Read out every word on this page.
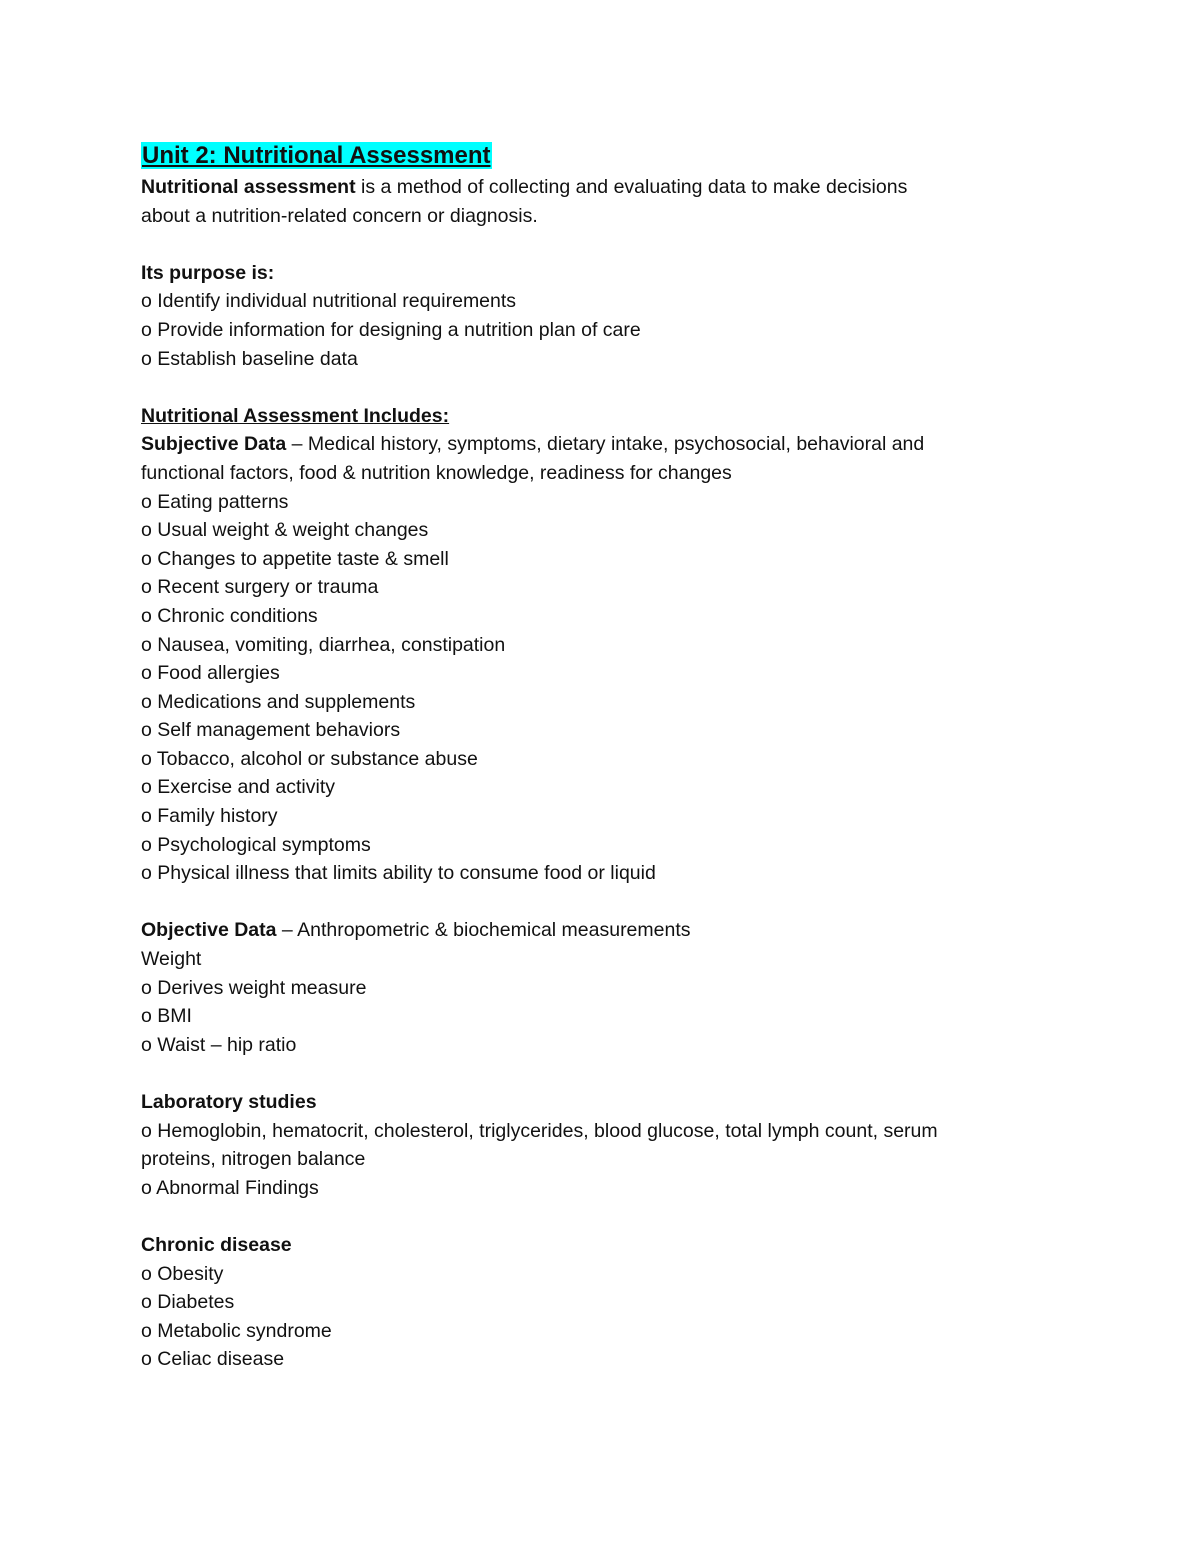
Unit 2: Nutritional Assessment
Nutritional assessment is a method of collecting and evaluating data to make decisions
about a nutrition-related concern or diagnosis.
Its purpose is:
o Identify individual nutritional requirements
o Provide information for designing a nutrition plan of care
o Establish baseline data
Nutritional Assessment Includes:
Subjective Data – Medical history, symptoms, dietary intake, psychosocial, behavioral and
functional factors, food & nutrition knowledge, readiness for changes
o Eating patterns
o Usual weight & weight changes
o Changes to appetite taste & smell
o Recent surgery or trauma
o Chronic conditions
o Nausea, vomiting, diarrhea, constipation
o Food allergies
o Medications and supplements
o Self management behaviors
o Tobacco, alcohol or substance abuse
o Exercise and activity
o Family history
o Psychological symptoms
o Physical illness that limits ability to consume food or liquid
Objective Data – Anthropometric & biochemical measurements
Weight
o Derives weight measure
o BMI
o Waist – hip ratio
Laboratory studies
o Hemoglobin, hematocrit, cholesterol, triglycerides, blood glucose, total lymph count, serum
proteins, nitrogen balance
o Abnormal Findings
Chronic disease
o Obesity
o Diabetes
o Metabolic syndrome
o Celiac disease
